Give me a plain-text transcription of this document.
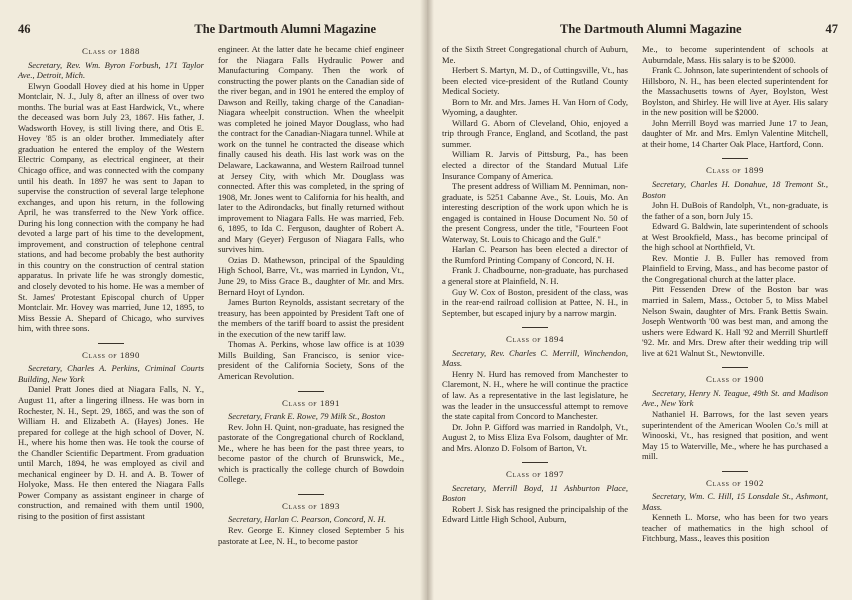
46	The Dartmouth Alumni Magazine
Class of 1888

Secretary, Rev. Wm. Byron Forbush, 171 Taylor Ave., Detroit, Mich.

Elwyn Goodall Hovey died at his home in Upper Montclair, N. J., July 8, after an illness of over two months. The burial was at East Hardwick, Vt., where the deceased was born July 23, 1867. His father, J. Wadsworth Hovey, is still living there, and Otis E. Hovey '85 is an older brother. Immediately after graduation he entered the employ of the Western Electric Company, as electrical engineer, at their Chicago office, and was connected with the company until his death. In 1897 he was sent to Japan to supervise the construction of several large telephone exchanges, and upon his return, in the following April, he was transferred to the New York office. During his long connection with the company he had devoted a large part of his time to the development, improvement, and construction of telephone central stations, and had become probably the best authority in this country on the construction of central station apparatus. In private life he was strongly domestic, and closely devoted to his home. He was a member of St. James' Protestant Episcopal church of Upper Montclair. Mr. Hovey was married, June 12, 1895, to Miss Bessie A. Shepard of Chicago, who survives him, with three sons.

Class of 1890

Secretary, Charles A. Perkins, Criminal Courts Building, New York

Daniel Pratt Jones died at Niagara Falls, N. Y., August 11, after a lingering illness. He was born in Rochester, N. H., Sept. 29, 1865, and was the son of William H. and Elizabeth A. (Hayes) Jones. He prepared for college at the high school of Dover, N. H., where his home then was. He took the course of the Chandler Scientific Department. From graduation until March, 1894, he was employed as civil and mechanical engineer by D. H. and A. B. Tower of Holyoke, Mass. He then entered the Niagara Falls Power Company as assistant engineer in charge of construction, and remained with them until 1900, rising to the position of first assistant

engineer. At the latter date he became chief engineer for the Niagara Falls Hydraulic Power and Manufacturing Company. Then the work of constructing the power plants on the Canadian side of the river began, and in 1901 he entered the employ of Dawson and Reilly, taking charge of the Canadian-Niagara wheelpit construction. When the wheelpit was completed he joined Mayor Douglass, who had the contract for the Canadian-Niagara tunnel. While at work on the tunnel he contracted the disease which finally caused his death. His last work was on the Delaware, Lackawanna, and Western Railroad tunnel at Jersey City, with which Mr. Douglass was connected. After this was completed, in the spring of 1908, Mr. Jones went to California for his health, and later to the Adirondacks, but finally returned without improvement to Niagara Falls. He was married, Feb. 6, 1895, to Ida C. Ferguson, daughter of Robert A. and Mary (Geyer) Ferguson of Niagara Falls, who survives him.

Ozias D. Mathewson, principal of the Spaulding High School, Barre, Vt., was married in Lyndon, Vt., June 29, to Miss Grace B., daughter of Mr. and Mrs. Bernard Hoyt of Lyndon.

James Burton Reynolds, assistant secretary of the treasury, has been appointed by President Taft one of the members of the tariff board to assist the president in the execution of the new tariff law.

Thomas A. Perkins, whose law office is at 1039 Mills Building, San Francisco, is senior vice-president of the California Society, Sons of the American Revolution.

Class of 1891

Secretary, Frank E. Rowe, 79 Milk St., Boston

Rev. John H. Quint, non-graduate, has resigned the pastorate of the Congregational church of Rockland, Me., where he has been for the past three years, to become pastor of the church of Brunswick, Me., which is practically the college church of Bowdoin College.

Class of 1893

Secretary, Harlan C. Pearson, Concord, N. H.

Rev. George E. Kinney closed September 5 his pastorate at Lee, N. H., to become pastor

The Dartmouth Alumni Magazine	47

of the Sixth Street Congregational church of Auburn, Me.

Herbert S. Martyn, M. D., of Cuttingsville, Vt., has been elected vice-president of the Rutland County Medical Society.

Born to Mr. and Mrs. James H. Van Horn of Cody, Wyoming, a daughter.

Willard G. Aborn of Cleveland, Ohio, enjoyed a trip through France, England, and Scotland, the past summer.

William R. Jarvis of Pittsburg, Pa., has been elected a director of the Standard Mutual Life Insurance Company of America.

The present address of William M. Penniman, non-graduate, is 5251 Cabanne Ave., St. Louis, Mo. An interesting description of the work upon which he is engaged is contained in House Document No. 50 of the present Congress, under the title, "Fourteen Foot Waterway, St. Louis to Chicago and the Gulf."

Harlan C. Pearson has been elected a director of the Rumford Printing Company of Concord, N. H.

Frank J. Chadbourne, non-graduate, has purchased a general store at Plainfield, N. H.

Guy W. Cox of Boston, president of the class, was in the rear-end railroad collision at Pattee, N. H., in September, but escaped injury by a narrow margin.

Class of 1894

Secretary, Rev. Charles C. Merrill, Winchendon, Mass.

Henry N. Hurd has removed from Manchester to Claremont, N. H., where he will continue the practice of law. As a representative in the last legislature, he was the leader in the unsuccessful attempt to remove the state capital from Concord to Manchester.

Dr. John P. Gifford was married in Randolph, Vt., August 2, to Miss Eliza Eva Folsom, daughter of Mr. and Mrs. Alonzo D. Folsom of Barton, Vt.

Class of 1897

Secretary, Merrill Boyd, 11 Ashburton Place, Boston

Robert J. Sisk has resigned the principalship of the Edward Little High School, Auburn,

Me., to become superintendent of schools at Auburndale, Mass. His salary is to be $2000.

Frank C. Johnson, late superintendent of schools of Hillsboro, N. H., has been elected superintendent for the Massachusetts towns of Ayer, Boylston, West Boylston, and Shirley. He will live at Ayer. His salary in the new position will be $2000.

John Merrill Boyd was married June 17 to Jean, daughter of Mr. and Mrs. Emlyn Valentine Mitchell, at their home, 14 Charter Oak Place, Hartford, Conn.

Class of 1899

Secretary, Charles H. Donahue, 18 Tremont St., Boston

John H. DuBois of Randolph, Vt., non-graduate, is the father of a son, born July 15.

Edward G. Baldwin, late superintendent of schools at West Brookfield, Mass., has become principal of the high school at Northfield, Vt.

Rev. Montie J. B. Fuller has removed from Plainfield to Erving, Mass., and has become pastor of the Congregational church at the latter place.

Pitt Fessenden Drew of the Boston bar was married in Salem, Mass., October 5, to Miss Mabel Nelson Swain, daughter of Mrs. Frank Bettis Swain. Joseph Wentworth '00 was best man, and among the ushers were Edward K. Hall '92 and Merrill Shurtleff '92. Mr. and Mrs. Drew after their wedding trip will live at 621 Walnut St., Newtonville.

Class of 1900

Secretary, Henry N. Teague, 49th St. and Madison Ave., New York

Nathaniel H. Barrows, for the last seven years superintendent of the American Woolen Co.'s mill at Winooski, Vt., has resigned that position, and went May 15 to Waterville, Me., where he has purchased a mill.

Class of 1902

Secretary, Wm. C. Hill, 15 Lonsdale St., Ashmont, Mass.

Kenneth L. Morse, who has been for two years teacher of mathematics in the high school of Fitchburg, Mass., leaves this position
